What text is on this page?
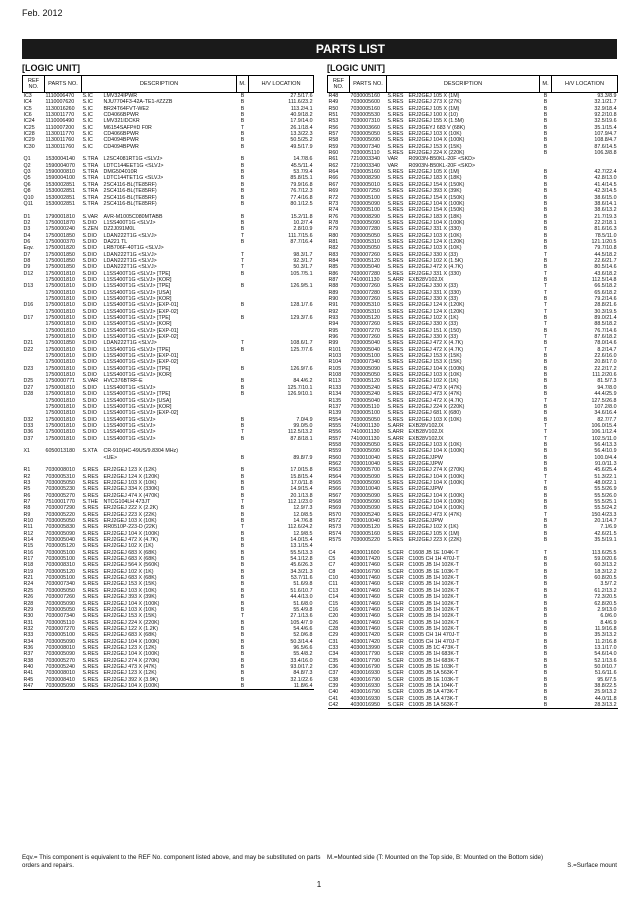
Feb. 2012
PARTS LIST
[LOGIC UNIT]	[LOGIC UNIT]
REF NO.	PARTS NO.	DESCRIPTION		M.	H/V LOCATION
IC3	1110006470	S.IC	LMV324IPWR	B	27.5/17.6
IC4	1110007620	S.IC	NJU7704F3-42A-TE1-#ZZZB	B	111.6/23.2
IC5	1130016260	S.IC	BR24T64FVT-WE2	B	113.2/4.1
IC6	1130011770	S.IC	CD4066BPWR	B	40.9/18.2
IC24	1110006490	S.IC	LMV321IDCKR	B	17.9/14.0
IC25	1110007200	S.IC	M6154SAFP#D F0R	T	26.1/18.4
IC28	1130011770	S.IC	CD4066BPWR	B	13.3/22.3
IC29	1130011760	S.IC	CD4094BPWR	B	50.5/25.2
IC30	1130011760	S.IC	CD4094BPWR	B	49.5/17.9

Q1	1530004140	S.TRA	L2SC4081RT1G <SLVJ>	B	14.7/8.6
Q2	1590004070	S.TRA	LDTC144EET1G <SLVJ>	B	45.5/11.4
Q3	1590000810	S.TRA	DMG504010R	B	53.7/9.4
Q5	1590004100	S.TRA	LDTC144TET1G <SLVJ>	B	85.8/15.1
Q6	1530002851	S.TRA	2SC4116-BL(TE85RF)	B	79.9/16.8
Q8	1530002851	S.TRA	2SC4116-BL(TE85RF)	B	76.7/12.3
Q10	1530002851	S.TRA	2SC4116-BL(TE85RF)	B	77.4/16.8
Q11	1530002851	S.TRA	2SC4116-BL(TE85RF)	B	80.1/12.5

D1	1790001810	S.VAR	AVR-M1005C080MTABB	B	15.2/11.8
D2	1750001870	S.DIO	L1SS400T1G <SLVJ>	B	10.2/7.4
D3	1750000240	S.ZEN	DZ2J091M0L	B	2.8/10.9
D4	1750001850	S.DIO	LDAN222T1G <SLVJ>	T	111.7/15.6
D6	1750000370	S.DIO	DA221 TL	B	87.7/16.4
Eqv.	1750001820	S.DIO	LRB706F-40T1G <SLVJ>		
D7	1750001850	S.DIO	LDAN222T1G <SLVJ>	T	98.3/1.7
D8	1750001850	S.DIO	LDAN222T1G <SLVJ>	T	92.3/1.7
D9	1750001850	S.DIO	LDAN222T1G <SLVJ>	T	50.3/1.7
D12	1750001810	S.DIO	L1SS400T1G <SLVJ> [TPE]	B	105.7/5.1
	1750001810	S.DIO	L1SS400T1G <SLVJ> [KOR]		
D13	1750001810	S.DIO	L1SS400T1G <SLVJ> [TPE]	B	126.9/5.1
	1750001810	S.DIO	L1SS400T1G <SLVJ> [USA]		
	1750001810	S.DIO	L1SS400T1G <SLVJ> [KOR]		
D16	1750001810	S.DIO	L1SS400T1G <SLVJ> [EXP-01]	B	128.1/7.6
	1750001810	S.DIO	L1SS400T1G <SLVJ> [EXP-02]		
D17	1750001810	S.DIO	L1SS400T1G <SLVJ> [TPE]	B	129.3/7.6
	1750001810	S.DIO	L1SS400T1G <SLVJ> [KOR]		
	1750001810	S.DIO	L1SS400T1G <SLVJ> [EXP-01]		
	1750001810	S.DIO	L1SS400T1G <SLVJ> [EXP-02]		
D21	1750001850	S.DIO	LDAN222T1G <SLVJ>	T	108.6/1.7
D22	1750001810	S.DIO	L1SS400T1G <SLVJ> [TPE]	B	125.7/7.6
	1750001810	S.DIO	L1SS400T1G <SLVJ> [EXP-01]		
	1750001810	S.DIO	L1SS400T1G <SLVJ> [EXP-02]		
D23	1750001810	S.DIO	L1SS400T1G <SLVJ> [TPE]	B	126.9/7.6
	1750001810	S.DIO	L1SS400T1G <SLVJ> [KOR]		
D25	1750000771	S.VAR	HVC376BTRF-E	B	84.4/6.2
D27	1750001810	S.DIO	L1SS400T1G <SLVJ>	B	125.7/10.1
D28	1750001810	S.DIO	L1SS400T1G <SLVJ> [TPE]	B	126.9/10.1
	1750001810	S.DIO	L1SS400T1G <SLVJ> [USA]		
	1750001810	S.DIO	L1SS400T1G <SLVJ> [KOR]		
	1750001810	S.DIO	L1SS400T1G <SLVJ> [EXP-02]		
D32	1750001810	S.DIO	L1SS400T1G <SLVJ>	B	7.0/4.9
D33	1750001810	S.DIO	L1SS400T1G <SLVJ>	B	99.0/5.0
D36	1750001810	S.DIO	L1SS400T1G <SLVJ>	T	112.5/13.2
D37	1750001810	S.DIO	L1SS400T1G <SLVJ>	B	87.8/18.1

X1	6050013180	S.XTA	CR-910(HC-49US/9.8304 MHz)		
			<UE>	B	89.8/7.9

R1	7030008010	S.RES	ERJ2GEJ 123 X (12K)	B	17.0/15.8
R2	7030005310	S.RES	ERJ2GEJ 124 X (120K)	B	15.8/15.4
R3	7030005050	S.RES	ERJ2GEJ 103 X (10K)	B	17.0/11.8
R5	7030005230	S.RES	ERJ2GEJ 334 X (330K)	B	14.9/15.4
R6	7030005270	S.RES	ERJ2GEJ 474 X (470K)	B	20.1/13.8
R7	7510001770	S.THE	NTCG104LH 473JT	T	112.1/23.0
R8	7030007290	S.RES	ERJ2GEJ 222 X (2.2K)	B	12.9/7.3
R9	7030005220	S.RES	ERJ2GEJ 223 X (22K)	B	12.0/8.5
R10	7030005050	S.RES	ERJ2GEJ 103 X (10K)	B	14.7/6.8
R11	7030005830	S.RES	RR0510P-223-D (22K)	T	112.6/24.2
R12	7030005090	S.RES	ERJ2GEJ 104 X (100K)	B	12.9/8.5
R14	7030005040	S.RES	ERJ2GEJ 472 X (4.7K)	B	14.0/15.4
R15	7030005120	S.RES	ERJ2GEJ 102 X (1K)	B	13.1/15.4
R16	7030005100	S.RES	ERJ2GEJ 683 X (68K)	B	55.5/13.3
R17	7030005100	S.RES	ERJ2GEJ 683 X (68K)	B	54.1/12.8
R18	7030008310	S.RES	ERJ2GEJ 564 X (560K)	B	45.6/26.3
R19	7030005120	S.RES	ERJ2GEJ 102 X (1K)	B	34.3/21.3
R21	7030005100	S.RES	ERJ2GEJ 683 X (68K)	B	53.7/11.6
R24	7030007340	S.RES	ERJ2GEJ 153 X (15K)	B	51.6/9.8
R25	7030005050	S.RES	ERJ2GEJ 103 X (10K)	B	51.6/10.7
R26	7030007260	S.RES	ERJ2GEJ 393 X (39K)	B	44.4/13.0
R28	7030005090	S.RES	ERJ2GEJ 104 X (100K)	B	51.6/8.0
R29	7030005050	S.RES	ERJ2GEJ 103 X (10K)	B	55.4/9.8
R30	7030007340	S.RES	ERJ2GEJ 153 X (15K)	T	27.1/13.6
R31	7030005110	S.RES	ERJ2GEJ 224 X (220K)	B	105.4/7.9
R32	7030007270	S.RES	ERJ2GEJ 122 X (1.2K)	B	54.4/6.6
R33	7030005100	S.RES	ERJ2GEJ 683 X (68K)	B	52.0/6.8
R34	7030005090	S.RES	ERJ2GEJ 104 X (100K)	B	50.3/14.4
R36	7030008010	S.RES	ERJ2GEJ 123 X (12K)	B	96.5/6.6
R37	7030005090	S.RES	ERJ2GEJ 104 X (100K)	B	55.4/8.2
R38	7030005270	S.RES	ERJ2GEJ 274 X (270K)	B	33.4/16.0
R40	7030005240	S.RES	ERJ2GEJ 473 X (47K)	B	93.0/17.2
R41	7030008010	S.RES	ERJ2GEJ 123 X (12K)	B	84.8/7.3
R45	7030008410	S.RES	ERJ2GEJ 392 X (3.9K)	B	32.1/22.6
R47	7030005090	S.RES	ERJ2GEJ 104 X (100K)	B	11.8/6.4
REF NO.	PARTS NO.	DESCRIPTION		M.	H/V LOCATION
R48	7030005160	S.RES	ERJ2GEJ 105 X (1M)	B	93.3/8.9
R49	7030005600	S.RES	ERJ2GEJ 273 X (27K)	B	32.1/21.7
R50	7030005160	S.RES	ERJ2GEJ 105 X (1M)	B	32.9/18.4
R51	7030005530	S.RES	ERJ2GEJ 100 X (10)	B	92.2/10.8
R53	7030007310	S.RES	ERJ2GEJ 155 X (1.5M)	B	32.5/19.6
R56	7030003660	S.RES	ERJ3GEYJ 683 V (68K)	B	35.1/15.4
R57	7030005050	S.RES	ERJ2GEJ 103 X (10K)	B	107.9/4.7
R58	7030005090	S.RES	ERJ2GEJ 104 X (100K)	B	108.8/4.7
R59	7030007340	S.RES	ERJ2GEJ 153 X (15K)	B	87.6/14.5
R60	7030005110	S.RES	ERJ2GEJ 224 X (220K)	B	106.3/8.8
R61	7210003340	VAR	R0903N-B50KL-20F <SKD>		
R62	7210003340	VAR	R0903N-B50KL-20F <SKD>		
R64	7030005160	S.RES	ERJ2GEJ 105 X (1M)	B	42.7/22.4
R66	7030008290	S.RES	ERJ2GEJ 183 X (18K)	B	42.8/13.0
R67	7030005010	S.RES	ERJ2GEJ 154 X (150K)	B	41.4/14.5
R69	7030007250	S.RES	ERJ2GEJ 393 X (39K)	B	42.3/14.5
R72	7030005100	S.RES	ERJ2GEJ 154 X (150K)	B	38.6/15.0
R73	7030005090	S.RES	ERJ2GEJ 104 X (100K)	B	38.6/14.1
R74	7030005100	S.RES	ERJ2GEJ 154 X (150K)	B	38.6/13.2
R76	7030008290	S.RES	ERJ2GEJ 183 X (18K)	B	21.7/19.3
R78	7030005090	S.RES	ERJ2GEJ 104 X (100K)	B	22.2/18.1
R79	7030007280	S.RES	ERJ2GEJ 331 X (330)	B	81.6/16.3
R80	7030005050	S.RES	ERJ2GEJ 103 X (10K)	B	78.5/11.0
R81	7030005310	S.RES	ERJ2GEJ 124 X (120K)	B	121.1/20.5
R82	7030005050	S.RES	ERJ2GEJ 103 X (10K)	B	79.7/10.8
R83	7030007260	S.RES	ERJ2GEJ 330 X (33)	T	44.5/18.2
R84	7030005120	S.RES	ERJ2GEJ 102 X (1.5K)	B	22.6/21.7
R85	7030005040	S.RES	ERJ2GEJ 472 X (4.7K)	B	80.5/14.6
R86	7030007280	S.RES	ERJ2GEJ 331 X (330)	T	43.6/18.2
R87	7410001130	S.ARR	EXB28V102JX	B	112.5/14.8
R88	7030007260	S.RES	ERJ2GEJ 330 X (33)	T	66.5/18.2
R89	7030007280	S.RES	ERJ2GEJ 331 X (330)	T	65.6/18.2
R90	7030007260	S.RES	ERJ2GEJ 330 X (33)	B	79.2/14.6
R91	7030005310	S.RES	ERJ2GEJ 124 X (120K)	T	28.8/21.6
R92	7030005310	S.RES	ERJ2GEJ 124 X (120K)	T	30.3/19.5
R93	7030005120	S.RES	ERJ2GEJ 102 X (1K)	B	89.0/21.4
R94	7030007260	S.RES	ERJ2GEJ 330 X (33)	T	88.5/18.2
R95	7030007270	S.RES	ERJ2GEJ 151 X (150)	B	76.7/14.6
R96	7030007260	S.RES	ERJ2GEJ 330 X (33)	T	87.6/18.2
R99	7030005040	S.RES	ERJ2GEJ 472 X (4.7K)	B	78.0/14.6
R101	7030005040	S.RES	ERJ2GEJ 472 X (4.7K)	T	8.2/14.7
R103	7030005100	S.RES	ERJ2GEJ 153 X (15K)	B	22.6/16.0
R104	7030007340	S.RES	ERJ2GEJ 153 X (15K)	B	20.8/17.0
R105	7030005090	S.RES	ERJ2GEJ 104 X (100K)	B	22.2/17.2
R108	7030005050	S.RES	ERJ2GEJ 103 X (10K)	B	111.2/20.6
R113	7030005120	S.RES	ERJ2GEJ 102 X (1K)	B	81.5/7.3
R133	7030005240	S.RES	ERJ2GEJ 473 X (47K)	B	94.7/8.0
R134	7030005240	S.RES	ERJ2GEJ 473 X (47K)	B	44.4/25.9
R135	7030005040	S.RES	ERJ2GEJ 472 X (4.7K)	T	127.5/26.8
R137	7030005110	S.RES	ERJ2GEJ 224 X (220K)	B	107.2/8.0
R139	7030005100	S.RES	ERJ2GEJ 681 X (680)	B	34.6/16.4
R554	7030005050	S.RES	ERJ2GEJ 103 X (10K)	B	82.7/7.7
R555	7410001130	S.ARR	EXB28V102JX	T	106.0/15.4
R556	7410001130	S.ARR	EXB28V102JX	T	106.1/12.4
R557	7410001130	S.ARR	EXB28V102JX	T	102.5/11.0
R558	7030005050	S.RES	ERJ2GEJ 103 X (10K)	B	56.4/13.3
R559	7030005090	S.RES	ERJ2GEJ 104 X (100K)	B	56.4/10.9
R560	7030010040	S.RES	ERJ2GEJJPW	B	100.0/4.4
R562	7030010040	S.RES	ERJ2GEJJPW	B	91.0/11.3
R563	7030005700	S.RES	ERJ2GEJ 274 X (270K)	B	45.6/25.4
R564	7030005090	S.RES	ERJ2GEJ 104 X (100K)	T	51.3/22.1
R565	7030005090	S.RES	ERJ2GEJ 104 X (100K)	T	48.0/22.1
R566	7030010040	S.RES	ERJ2GEJJPW	B	55.5/26.9
R567	7030005090	S.RES	ERJ2GEJ 104 X (100K)	B	55.5/26.0
R568	7030005090	S.RES	ERJ2GEJ 104 X (100K)	B	55.5/25.1
R569	7030005090	S.RES	ERJ2GEJ 104 X (100K)	B	55.5/24.2
R570	7030005240	S.RES	ERJ2GEJ 473 X (47K)	T	150.4/23.3
R572	7030010040	S.RES	ERJ2GEJJPW	B	20.1/14.7
R573	7030005120	S.RES	ERJ2GEJ 102 X (1K)	B	7.1/6.9
R574	7030005160	S.RES	ERJ2GEJ 105 X (1M)	B	42.6/21.5
R575	7030005220	S.RES	ERJ2GEJ 223 X (22K)	B	35.5/19.1

C4	4030011600	S.CER	C1608 JB 1E 104K-T	T	113.6/25.5
C5	4030017420	S.CER	C1005 CH 1H 470J-T	B	59.0/20.6
C7	4030017460	S.CER	C1005 JB 1H 102K-T	B	60.3/13.2
C8	4030016790	S.CER	C1005 JB 1E 103K-T	B	18.3/12.2
C10	4030017460	S.CER	C1005 JB 1H 102K-T	B	60.8/20.5
C11	4030017460	S.CER	C1005 JB 1H 102K-T	B	3.5/7.2
C13	4030017460	S.CER	C1005 JB 1H 102K-T	B	61.2/13.2
C14	4030017460	S.CER	C1005 JB 1H 102K-T	B	72.3/20.5
C15	4030017460	S.CER	C1005 JB 1H 102K-T	B	62.8/20.5
C16	4030017460	S.CER	C1005 JB 1H 102K-T	B	2.9/13.0
C20	4030017460	S.CER	C1005 JB 1H 102K-T	B	6.0/6.0
C26	4030017460	S.CER	C1005 JB 1H 102K-T	B	8.4/6.9
C28	4030017460	S.CER	C1005 JB 1H 102K-T	B	11.9/16.8
C29	4030017420	S.CER	C1005 CH 1H 470J-T	B	35.3/13.2
C31	4030017420	S.CER	C1005 CH 1H 470J-T	B	11.2/16.8
C33	4030013990	S.CER	C1005 JB 1C 473K-T	B	13.1/17.0
C34	4030017790	S.CER	C1005 JB 1H 683K-T	B	54.6/14.0
C35	4030017790	S.CER	C1005 JB 1H 683K-T	B	52.1/13.6
C36	4030016790	S.CER	C1005 JB 1E 103K-T	B	50.0/10.7
C37	4030016930	S.CER	C1005 JB 1A 563K-T	B	51.6/11.6
C38	4030016790	S.CER	C1005 JB 1E 103K-T	B	95.6/7.5
C39	4030016930	S.CER	C1005 JB 1A 104K-T	B	38.8/22.5
C40	4030016790	S.CER	C1005 JB 1A 473K-T	B	25.9/13.2
C41	4030016930	S.CER	C1005 JB 1A 473K-T	B	44.0/11.8
C42	4030016950	S.CER	C1005 JB 1A 563K-T	B	28.3/13.2
Eqv.= This component is equivalent to the REF No. component listed above, and may be substituted on parts orders and repairs.
M.=Mounted side (T: Mounted on the Top side, B: Mounted on the Bottom side)
S.=Surface mount
1
